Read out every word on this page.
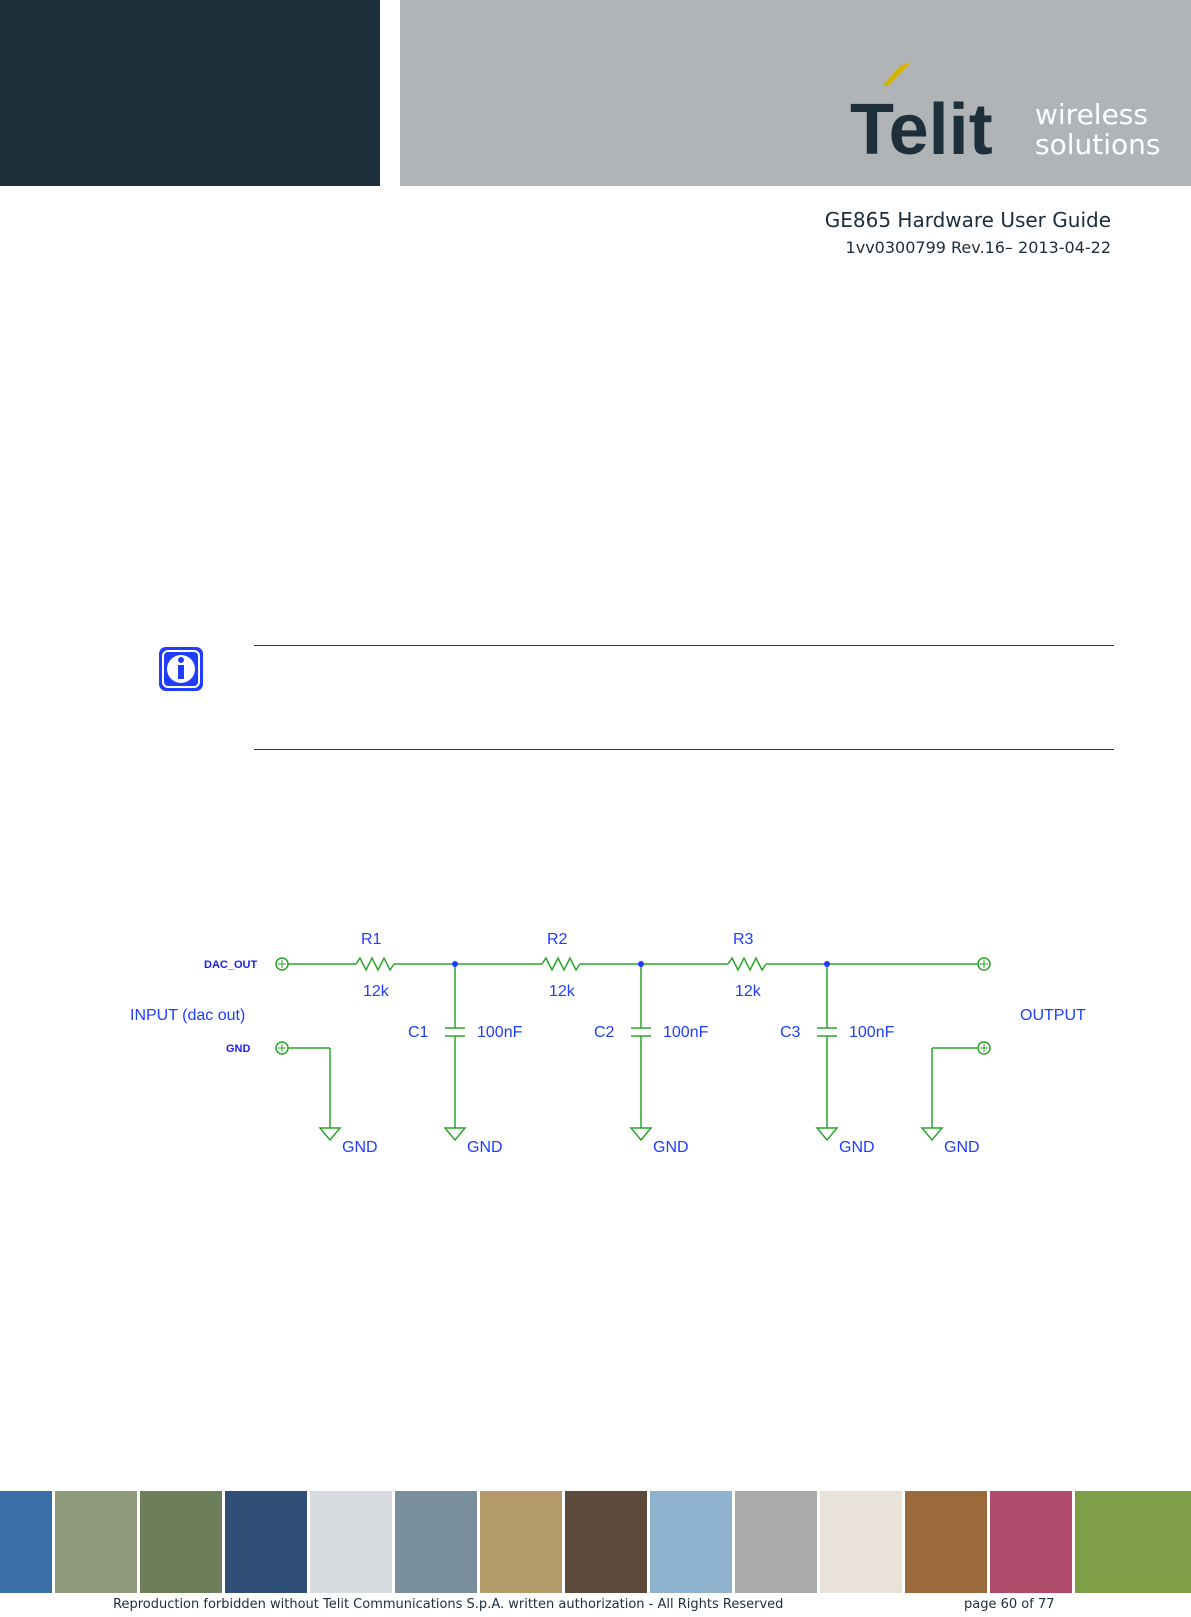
Telit wireless
solutions
GE865 Hardware User Guide
1vv0300799 Rev.16– 2013-04-22
DAC_OUT
GND
INPUT (dac out)	OUTPUT
R1	R2	R3
12k	12k	12k
C1	C2	C3
100nF	100nF	100nF
GND	GND	GND	GND	GND
Reproduction forbidden without Telit Communications S.p.A. written authorization - All Rights Reserved	page 60 of 77
